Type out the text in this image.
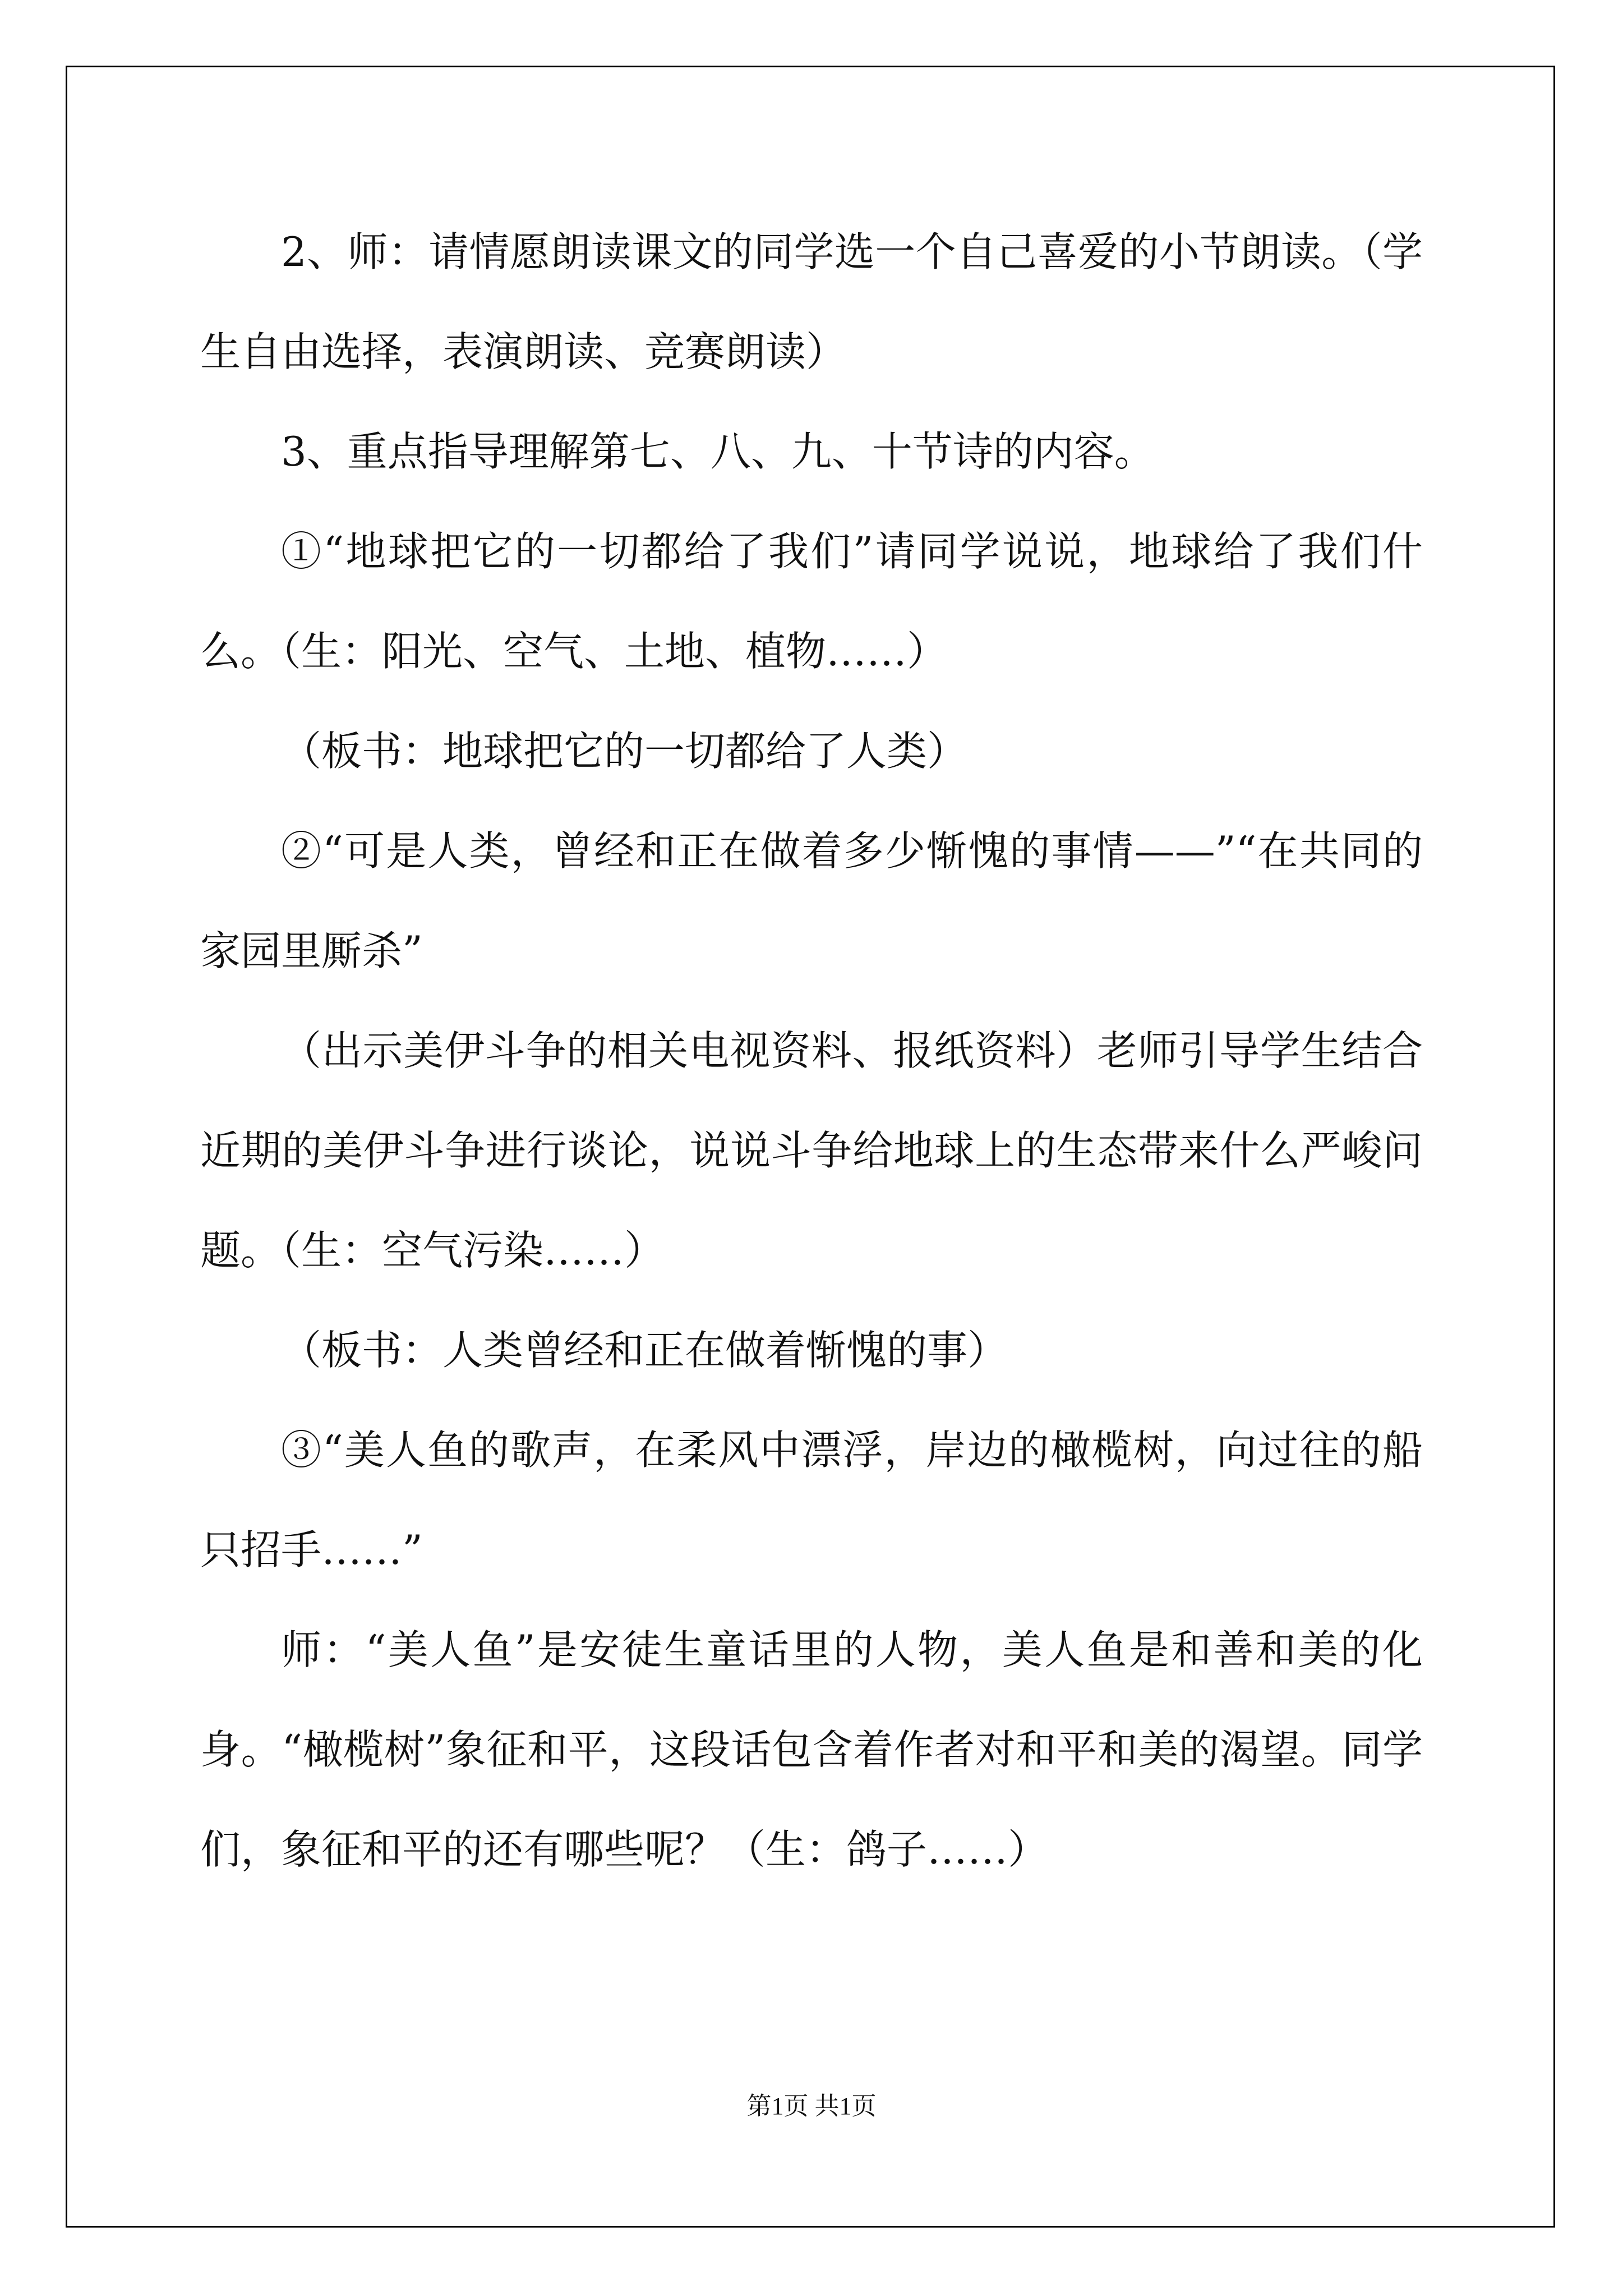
2、师：请情愿朗读课文的同学选一个自己喜爱的小节朗读。（学生自由选择，表演朗读、竞赛朗读）

3、重点指导理解第七、八、九、十节诗的内容。

①“地球把它的一切都给了我们”请同学说说，地球给了我们什么。（生：阳光、空气、土地、植物……）

（板书：地球把它的一切都给了人类）

②“可是人类，曾经和正在做着多少惭愧的事情——”“在共同的家园里厮杀”

（出示美伊斗争的相关电视资料、报纸资料）老师引导学生结合近期的美伊斗争进行谈论，说说斗争给地球上的生态带来什么严峻问题。（生：空气污染……）

（板书：人类曾经和正在做着惭愧的事）

③“美人鱼的歌声，在柔风中漂浮，岸边的橄榄树，向过往的船只招手……”

师：“美人鱼”是安徒生童话里的人物，美人鱼是和善和美的化身。“橄榄树”象征和平，这段话包含着作者对和平和美的渴望。同学们，象征和平的还有哪些呢？（生：鸽子……）

第1页 共1页
